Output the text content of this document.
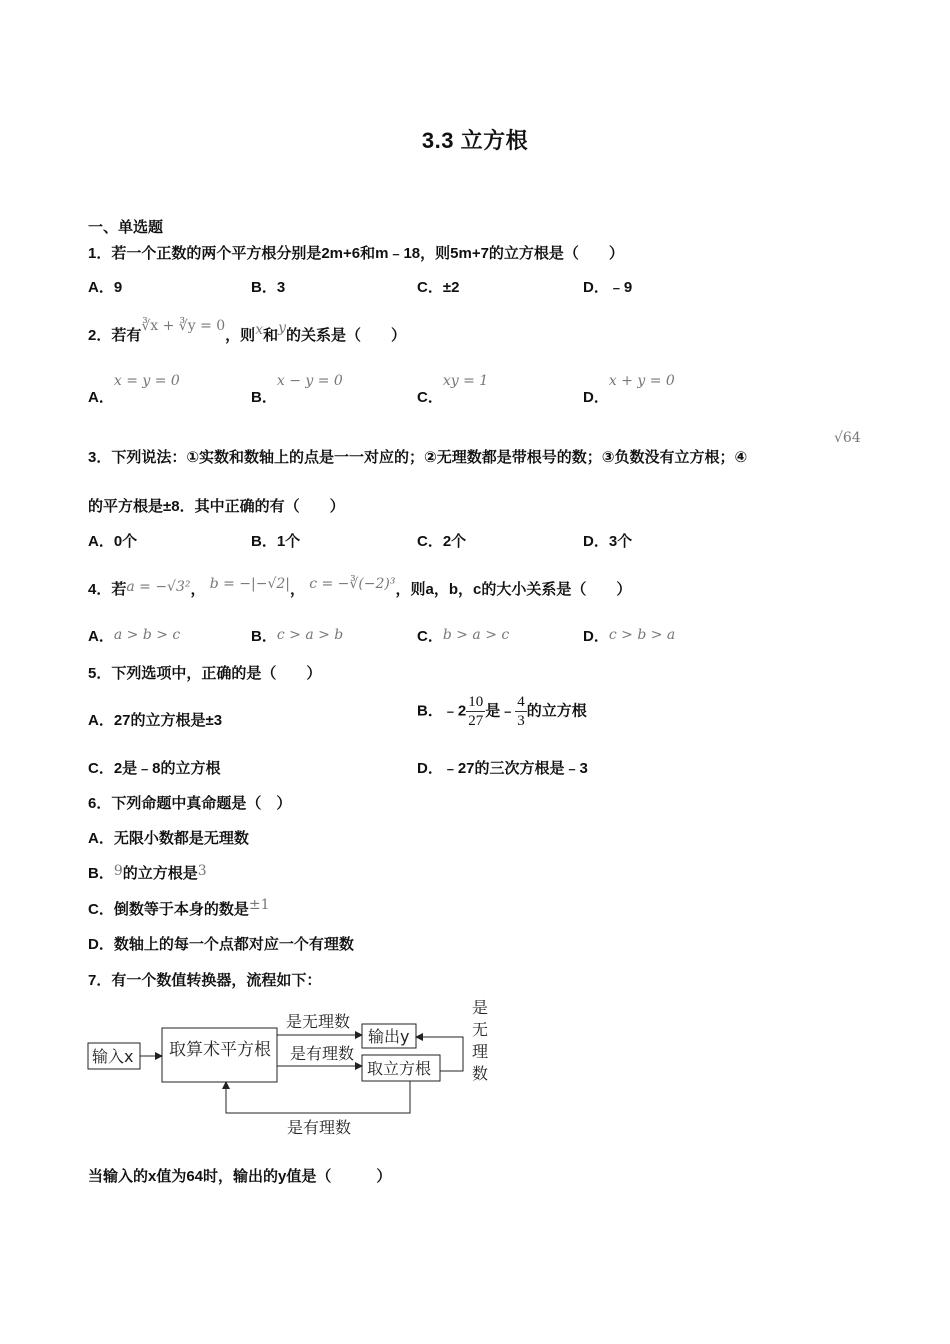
3.3 立方根
一、单选题
1．若一个正数的两个平方根分别是2m+6和m﹣18，则5m+7的立方根是（　　）
A．9	B．3	C．±2	D．﹣9
2．若有∛x + ∛y = 0，则x和y的关系是（　　）
A．x = y = 0
B．x − y = 0
C．xy = 1
D．x + y = 0
3．下列说法：①实数和数轴上的点是一一对应的；②无理数都是带根号的数；③负数没有立方根；④
√64
的平方根是±8．其中正确的有（　　）
A．0个	B．1个	C．2个	D．3个
4．若a = −√3²， b = −|−√2|， c = −∛(−2)³，则a，b，c的大小关系是（　　）
A．a > b > c	B．c > a > b	C．b > a > c	D．c > b > a
5．下列选项中，正确的是（　　）
A．27的立方根是±3
B．﹣2 $\frac{10}{27}$ 是﹣ $\frac{4}{3}$ 的立方根
C．2是﹣8的立方根	D．﹣27的三次方根是﹣3
6．下列命题中真命题是（　）
A．无限小数都是无理数
B．9的立方根是3
C．倒数等于本身的数是±1
D．数轴上的每一个点都对应一个有理数
7．有一个数值转换器，流程如下：
输入x 取算术平方根
是无理数
是有理数
输出y
取立方根
是 无 理 数
是有理数
当输入的x值为64时，输出的y值是（　　　）
